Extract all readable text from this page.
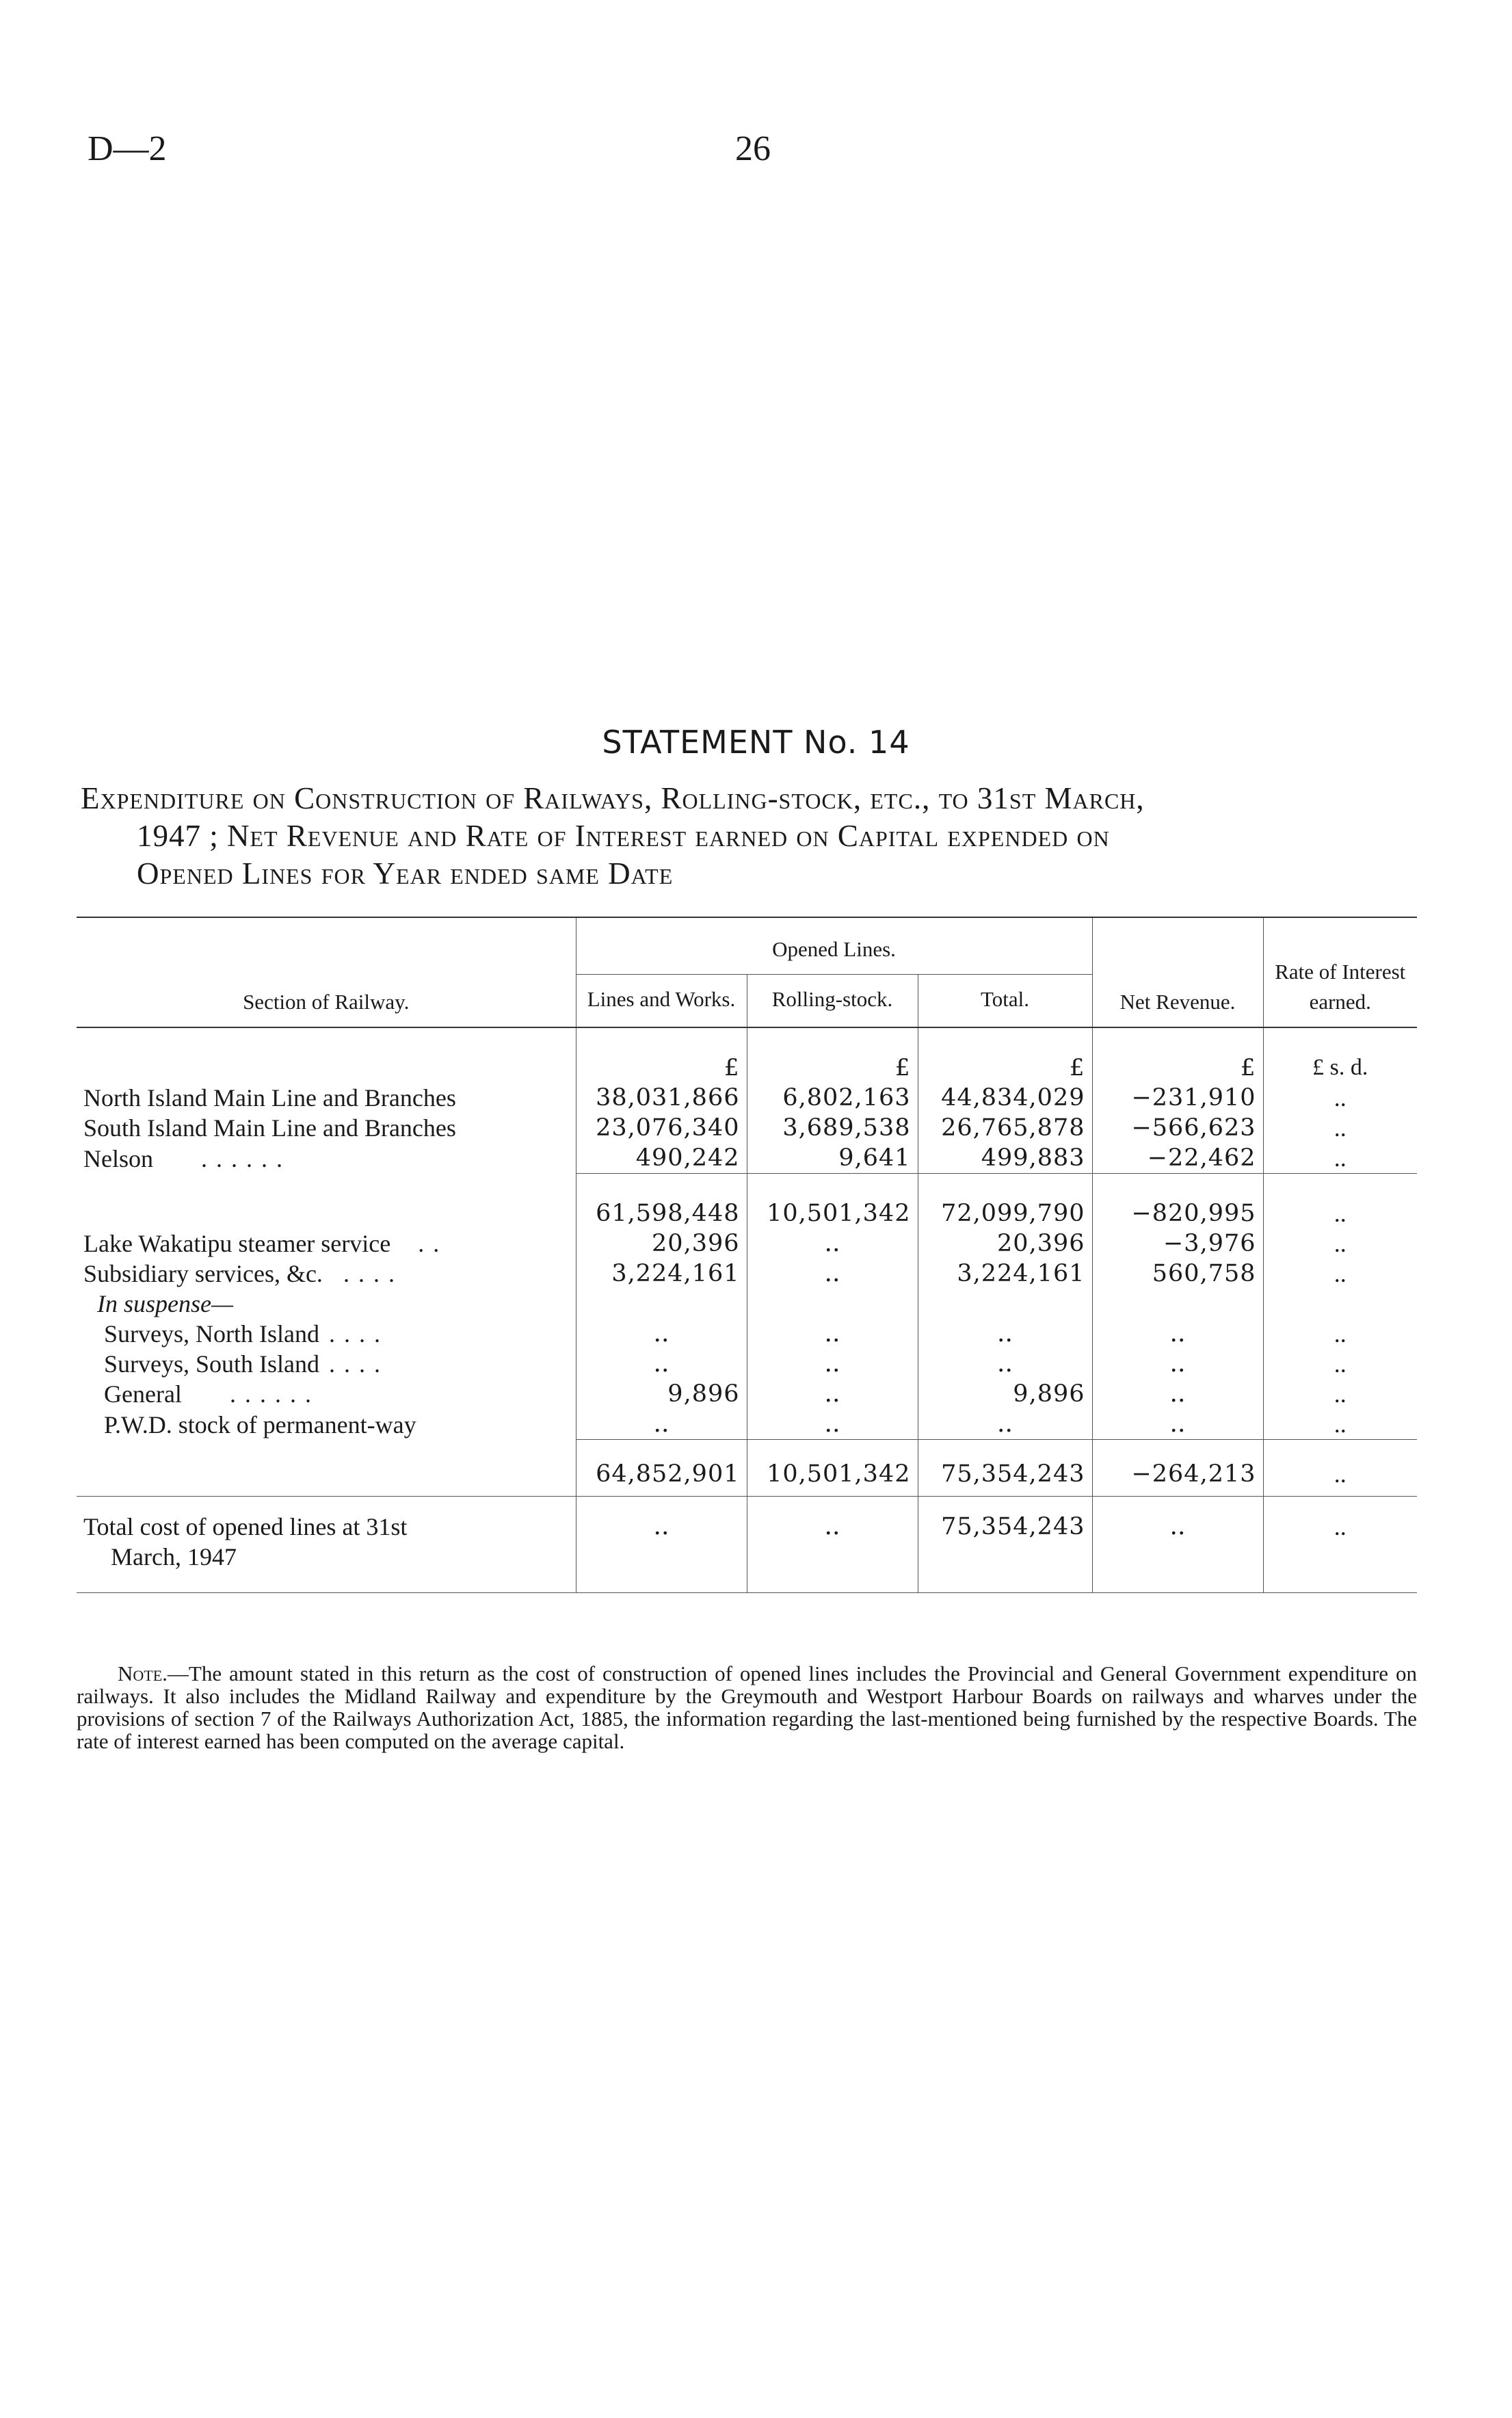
D—2	26
STATEMENT No. 14
Expenditure on Construction of Railways, Rolling-stock, etc., to 31st March,
1947 ; Net Revenue and Rate of Interest earned on Capital expended on
Opened Lines for Year ended same Date
Section of Railway.	Opened Lines.			Net Revenue.	Rate of Interest earned.
	Lines and Works.	Rolling-stock.	Total.		
	£	£	£	£	£ s. d.
North Island Main Line and Branches	38,031,866	6,802,163	44,834,029	−231,910	..
South Island Main Line and Branches	23,076,340	3,689,538	26,765,878	−566,623	..
Nelson . . . . . .	490,242	9,641	499,883	−22,462	..
	61,598,448	10,501,342	72,099,790	−820,995	..
Lake Wakatipu steamer service . .	20,396	..	20,396	−3,976	..
Subsidiary services, &c. . . . .	3,224,161	..	3,224,161	560,758	..
In suspense—					
Surveys, North Island . . . .	..	..	..	..	..
Surveys, South Island . . . .	..	..	..	..	..
General . . . . . .	9,896	..	9,896	..	..
P.W.D. stock of permanent-way	..	..	..	..	..
	64,852,901	10,501,342	75,354,243	−264,213	..
Total cost of opened lines at 31st
March, 1947	..	..	75,354,243	..	..

Note.—The amount stated in this return as the cost of construction of opened lines includes the Provincial and General Government expenditure on railways. It also includes the Midland Railway and expenditure by the Greymouth and Westport Harbour Boards on railways and wharves under the provisions of section 7 of the Railways Authorization Act, 1885, the information regarding the last-mentioned being furnished by the respective Boards. The rate of interest earned has been computed on the average capital.
